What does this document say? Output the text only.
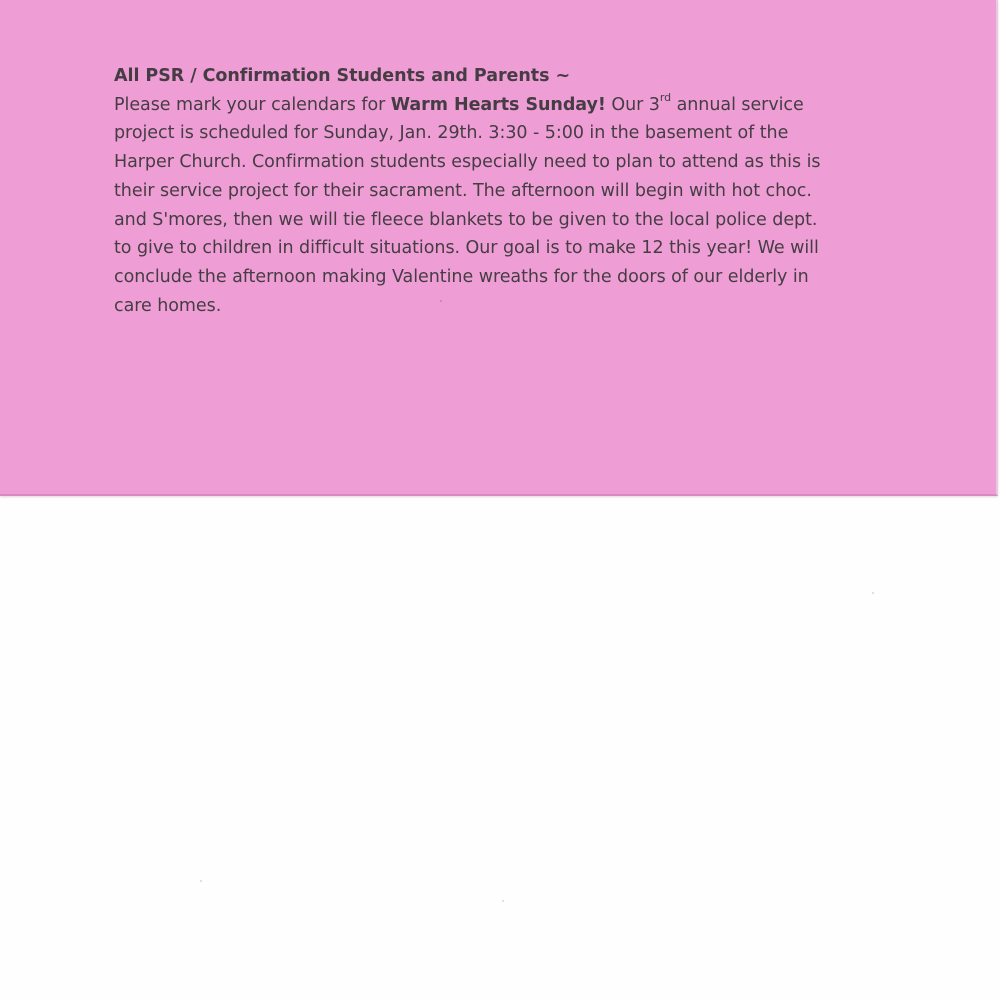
All PSR / Confirmation Students and Parents ~
Please mark your calendars for Warm Hearts Sunday! Our 3rd annual service
project is scheduled for Sunday, Jan. 29th. 3:30 - 5:00 in the basement of the
Harper Church. Confirmation students especially need to plan to attend as this is
their service project for their sacrament. The afternoon will begin with hot choc.
and S'mores, then we will tie fleece blankets to be given to the local police dept.
to give to children in difficult situations. Our goal is to make 12 this year! We will
conclude the afternoon making Valentine wreaths for the doors of our elderly in
care homes.
